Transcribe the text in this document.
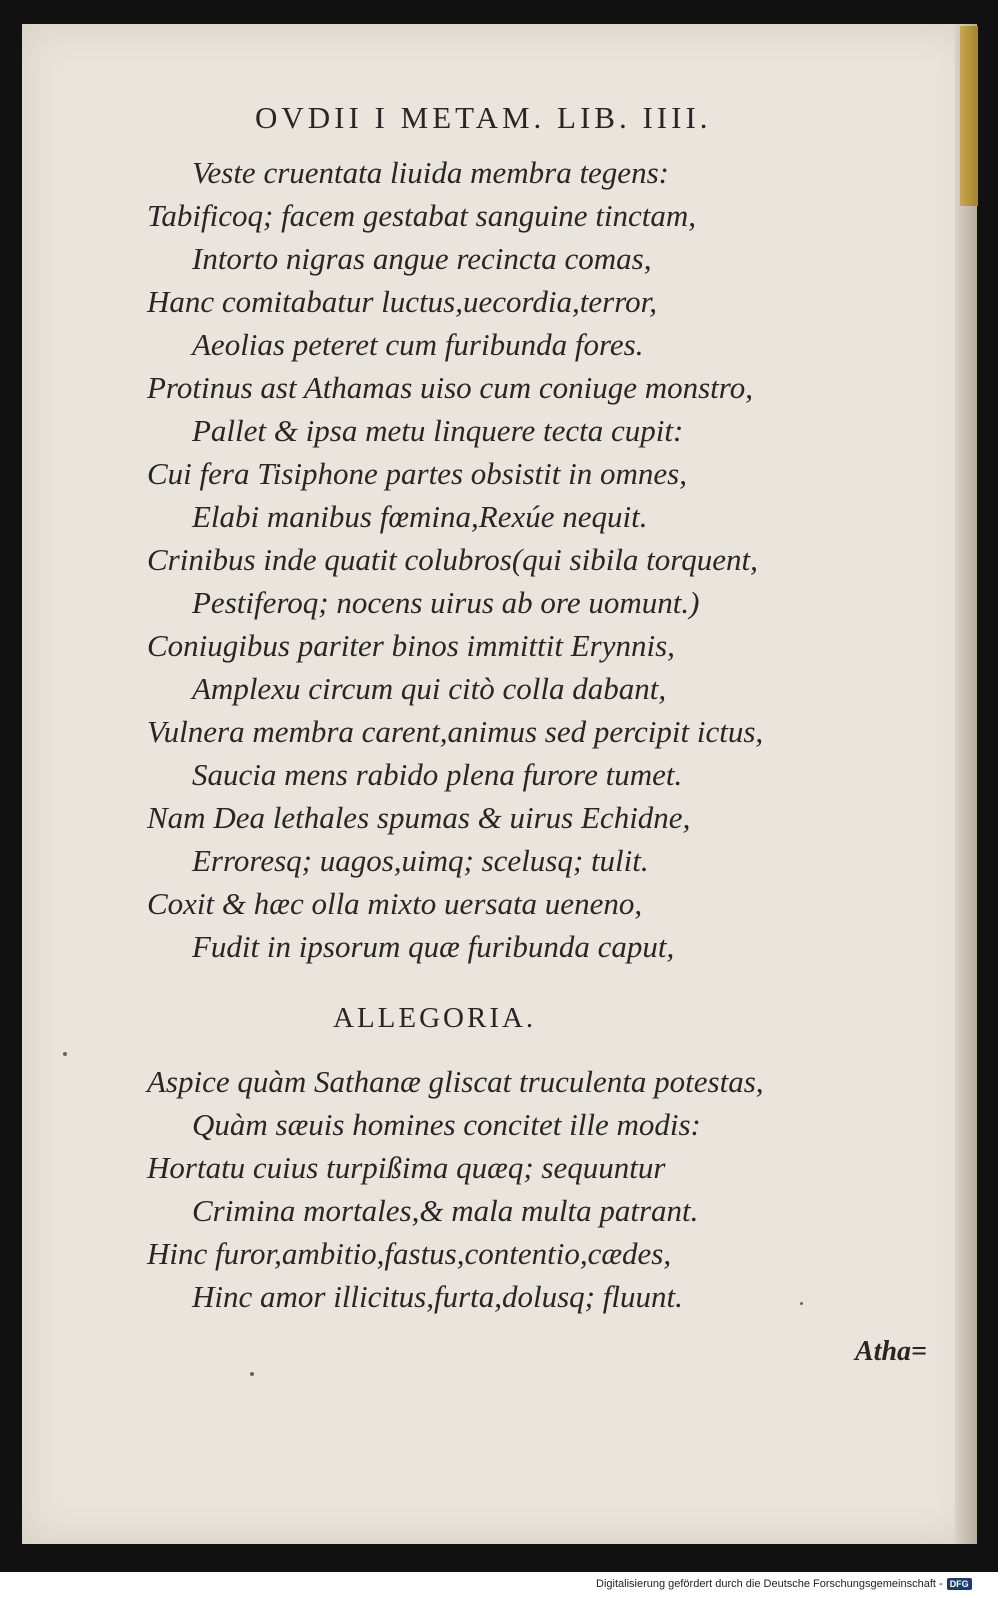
OVDII I METAM. LIB. IIII.
Veste cruentata liuida membra tegens:
Tabificoq; facem gestabat sanguine tinctam,
Intorto nigras angue recincta comas,
Hanc comitabatur luctus,uecordia,terror,
Aeolias peteret cum furibunda fores.
Protinus ast Athamas uiso cum coniuge monstro,
Pallet & ipsa metu linquere tecta cupit:
Cui fera Tisiphone partes obsistit in omnes,
Elabi manibus fœmina,Rexúe nequit.
Crinibus inde quatit colubros(qui sibila torquent,
Pestiferoq; nocens uirus ab ore uomunt.)
Coniugibus pariter binos immittit Erynnis,
Amplexu circum qui citò colla dabant,
Vulnera membra carent,animus sed percipit ictus,
Saucia mens rabido plena furore tumet.
Nam Dea lethales spumas & uirus Echidne,
Erroresq; uagos,uimq; scelusq; tulit.
Coxit & hæc olla mixto uersata ueneno,
Fudit in ipsorum quæ furibunda caput,
ALLEGORIA.
Aspice quàm Sathanæ gliscat truculenta potestas,
Quàm sæuis homines concitet ille modis:
Hortatu cuius turpißima quæq; sequuntur
Crimina mortales,& mala multa patrant.
Hinc furor,ambitio,fastus,contentio,cædes,
Hinc amor illicitus,furta,dolusq; fluunt.
Atha=
Digitalisierung gefördert durch die Deutsche Forschungsgemeinschaft - DFG
